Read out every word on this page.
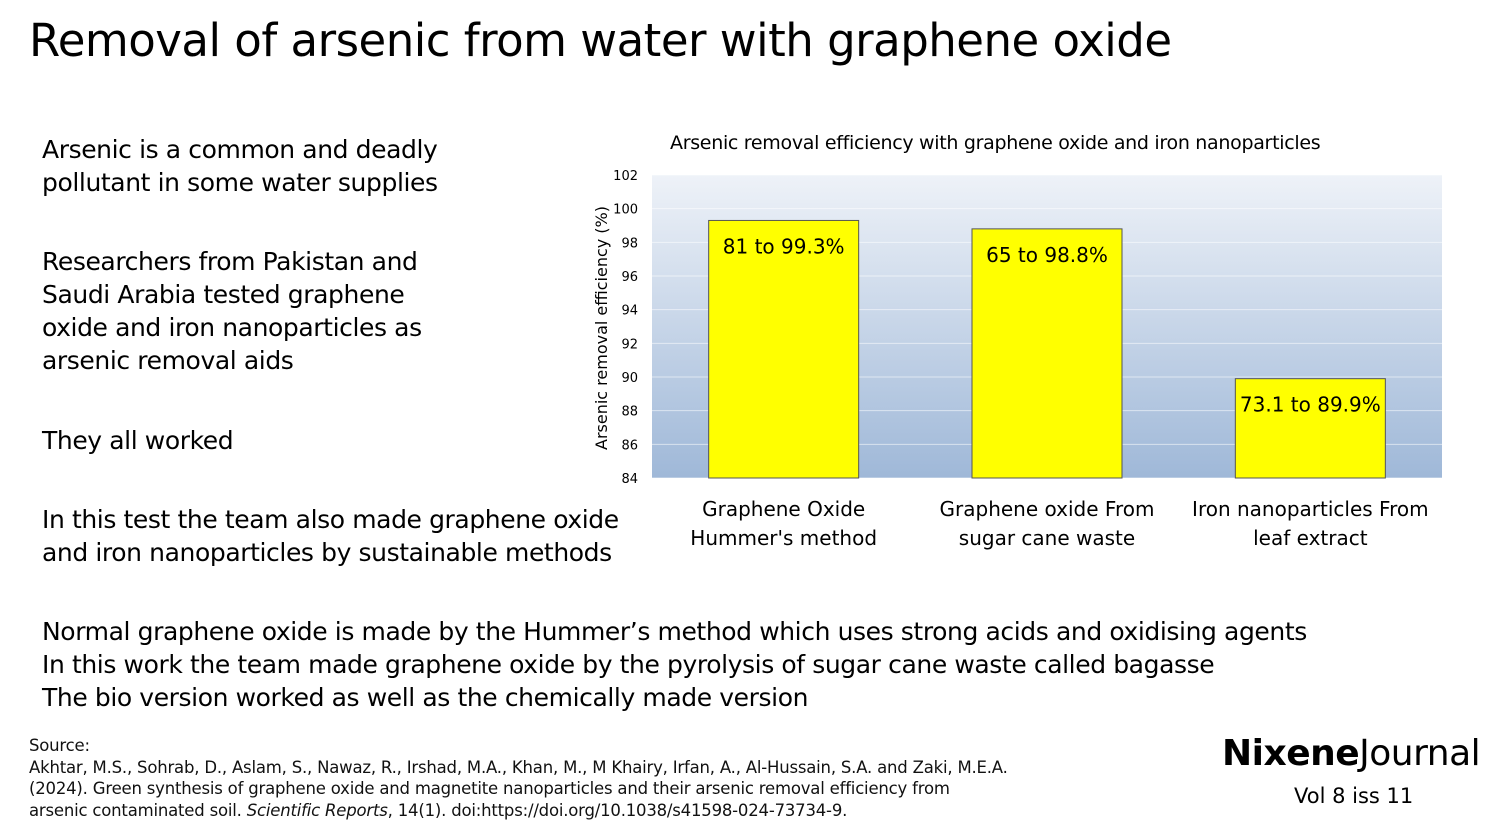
Removal of arsenic from water with graphene oxide
Arsenic is a common and deadly
pollutant in some water supplies
Researchers from Pakistan and
Saudi Arabia tested graphene
oxide and iron nanoparticles as
arsenic removal aids
They all worked
In this test the team also made graphene oxide
and iron nanoparticles by sustainable methods
Arsenic removal efficiency with graphene oxide and iron nanoparticles
Arsenic removal efficiency (%)
84
86
88
90
92
94
96
98
100
102
81 to 99.3%	65 to 98.8%
73.1 to 89.9%
Graphene Oxide
Hummer's method
Graphene oxide From
sugar cane waste
Iron nanoparticles From
leaf extract
Normal graphene oxide is made by the Hummer’s method which uses strong acids and oxidising agents
In this work the team made graphene oxide by the pyrolysis of sugar cane waste called bagasse
The bio version worked as well as the chemically made version
Source:
Akhtar, M.S., Sohrab, D., Aslam, S., Nawaz, R., Irshad, M.A., Khan, M., M Khairy, Irfan, A., Al-Hussain, S.A. and Zaki, M.E.A.
(2024). Green synthesis of graphene oxide and magnetite nanoparticles and their arsenic removal efficiency from
arsenic contaminated soil. Scientific Reports, 14(1). doi:https://doi.org/10.1038/s41598-024-73734-9.
NixeneJournal
Vol 8 iss 11
